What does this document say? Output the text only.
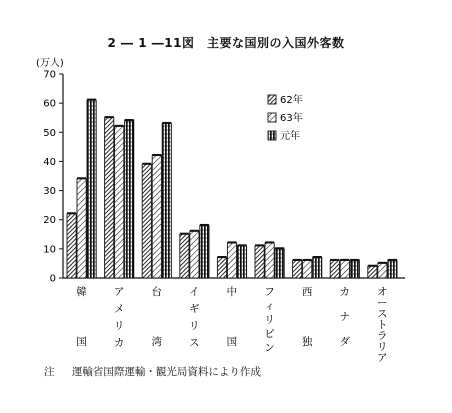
2 ― 1 ―11図　主要な国別の入国外客数
(万人)
0
10
20
30
40
50
60
70
韓
国
ア
メ
リ
カ
台
湾
イ
ギ
リ
ス
中
国
フ
ィ
リ
ピ
ン
西
独
カ
ナ
ダ
オ
ー
ス
ト
ラ
リ
ア
62年
63年
元年
注 運輸省国際運輸・観光局資料により作成
